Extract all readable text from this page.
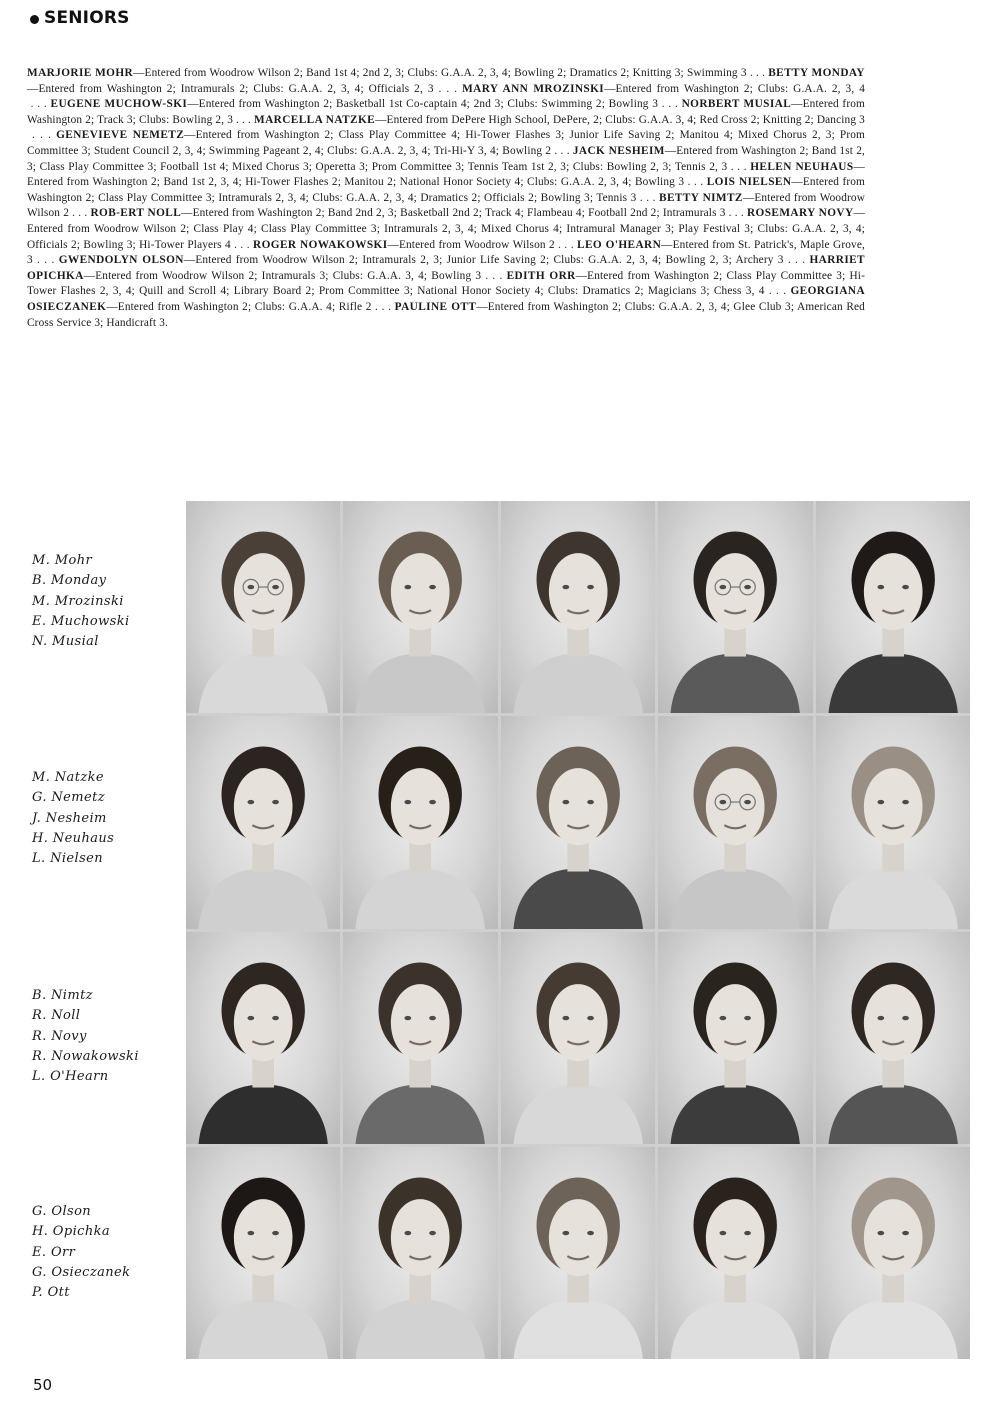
SENIORS
MARJORIE MOHR—Entered from Woodrow Wilson 2; Band 1st 4; 2nd 2, 3; Clubs: G.A.A. 2, 3, 4; Bowling 2; Dramatics 2; Knitting 3; Swimming 3 . . . BETTY MONDAY—Entered from Washington 2; Intramurals 2; Clubs: G.A.A. 2, 3, 4; Officials 2, 3 . . . MARY ANN MROZINSKI—Entered from Washington 2; Clubs: G.A.A. 2, 3, 4 . . . EUGENE MUCHOW-SKI—Entered from Washington 2; Basketball 1st Co-captain 4; 2nd 3; Clubs: Swimming 2; Bowling 3 . . . NORBERT MUSIAL—Entered from Washington 2; Track 3; Clubs: Bowling 2, 3 . . . MARCELLA NATZKE—Entered from DePere High School, DePere, 2; Clubs: G.A.A. 3, 4; Red Cross 2; Knitting 2; Dancing 3 . . . GENEVIEVE NEMETZ—Entered from Washington 2; Class Play Committee 4; Hi-Tower Flashes 3; Junior Life Saving 2; Manitou 4; Mixed Chorus 2, 3; Prom Committee 3; Student Council 2, 3, 4; Swimming Pageant 2, 4; Clubs: G.A.A. 2, 3, 4; Tri-Hi-Y 3, 4; Bowling 2 . . . JACK NESHEIM—Entered from Washington 2; Band 1st 2, 3; Class Play Committee 3; Football 1st 4; Mixed Chorus 3; Operetta 3; Prom Committee 3; Tennis Team 1st 2, 3; Clubs: Bowling 2, 3; Tennis 2, 3 . . . HELEN NEUHAUS—Entered from Washington 2; Band 1st 2, 3, 4; Hi-Tower Flashes 2; Manitou 2; National Honor Society 4; Clubs: G.A.A. 2, 3, 4; Bowling 3 . . . LOIS NIELSEN—Entered from Washington 2; Class Play Committee 3; Intramurals 2, 3, 4; Clubs: G.A.A. 2, 3, 4; Dramatics 2; Officials 2; Bowling 3; Tennis 3 . . . BETTY NIMTZ—Entered from Woodrow Wilson 2 . . . ROB-ERT NOLL—Entered from Washington 2; Band 2nd 2, 3; Basketball 2nd 2; Track 4; Flambeau 4; Football 2nd 2; Intramurals 3 . . . ROSEMARY NOVY—Entered from Woodrow Wilson 2; Class Play 4; Class Play Committee 3; Intramurals 2, 3, 4; Mixed Chorus 4; Intramural Manager 3; Play Festival 3; Clubs: G.A.A. 2, 3, 4; Officials 2; Bowling 3; Hi-Tower Players 4 . . . ROGER NOWAKOWSKI—Entered from Woodrow Wilson 2 . . . LEO O'HEARN—Entered from St. Patrick's, Maple Grove, 3 . . . GWENDOLYN OLSON—Entered from Woodrow Wilson 2; Intramurals 2, 3; Junior Life Saving 2; Clubs: G.A.A. 2, 3, 4; Bowling 2, 3; Archery 3 . . . HARRIET OPICHKA—Entered from Woodrow Wilson 2; Intramurals 3; Clubs: G.A.A. 3, 4; Bowling 3 . . . EDITH ORR—Entered from Washington 2; Class Play Committee 3; Hi-Tower Flashes 2, 3, 4; Quill and Scroll 4; Library Board 2; Prom Committee 3; National Honor Society 4; Clubs: Dramatics 2; Magicians 3; Chess 3, 4 . . . GEORGIANA OSIECZANEK—Entered from Washington 2; Clubs: G.A.A. 4; Rifle 2 . . . PAULINE OTT—Entered from Washington 2; Clubs: G.A.A. 2, 3, 4; Glee Club 3; American Red Cross Service 3; Handicraft 3.
M. Mohr
B. Monday
M. Mrozinski
E. Muchowski
N. Musial
M. Natzke
G. Nemetz
J. Nesheim
H. Neuhaus
L. Nielsen
B. Nimtz
R. Noll
R. Novy
R. Nowakowski
L. O'Hearn
G. Olson
H. Opichka
E. Orr
G. Osieczanek
P. Ott
50
